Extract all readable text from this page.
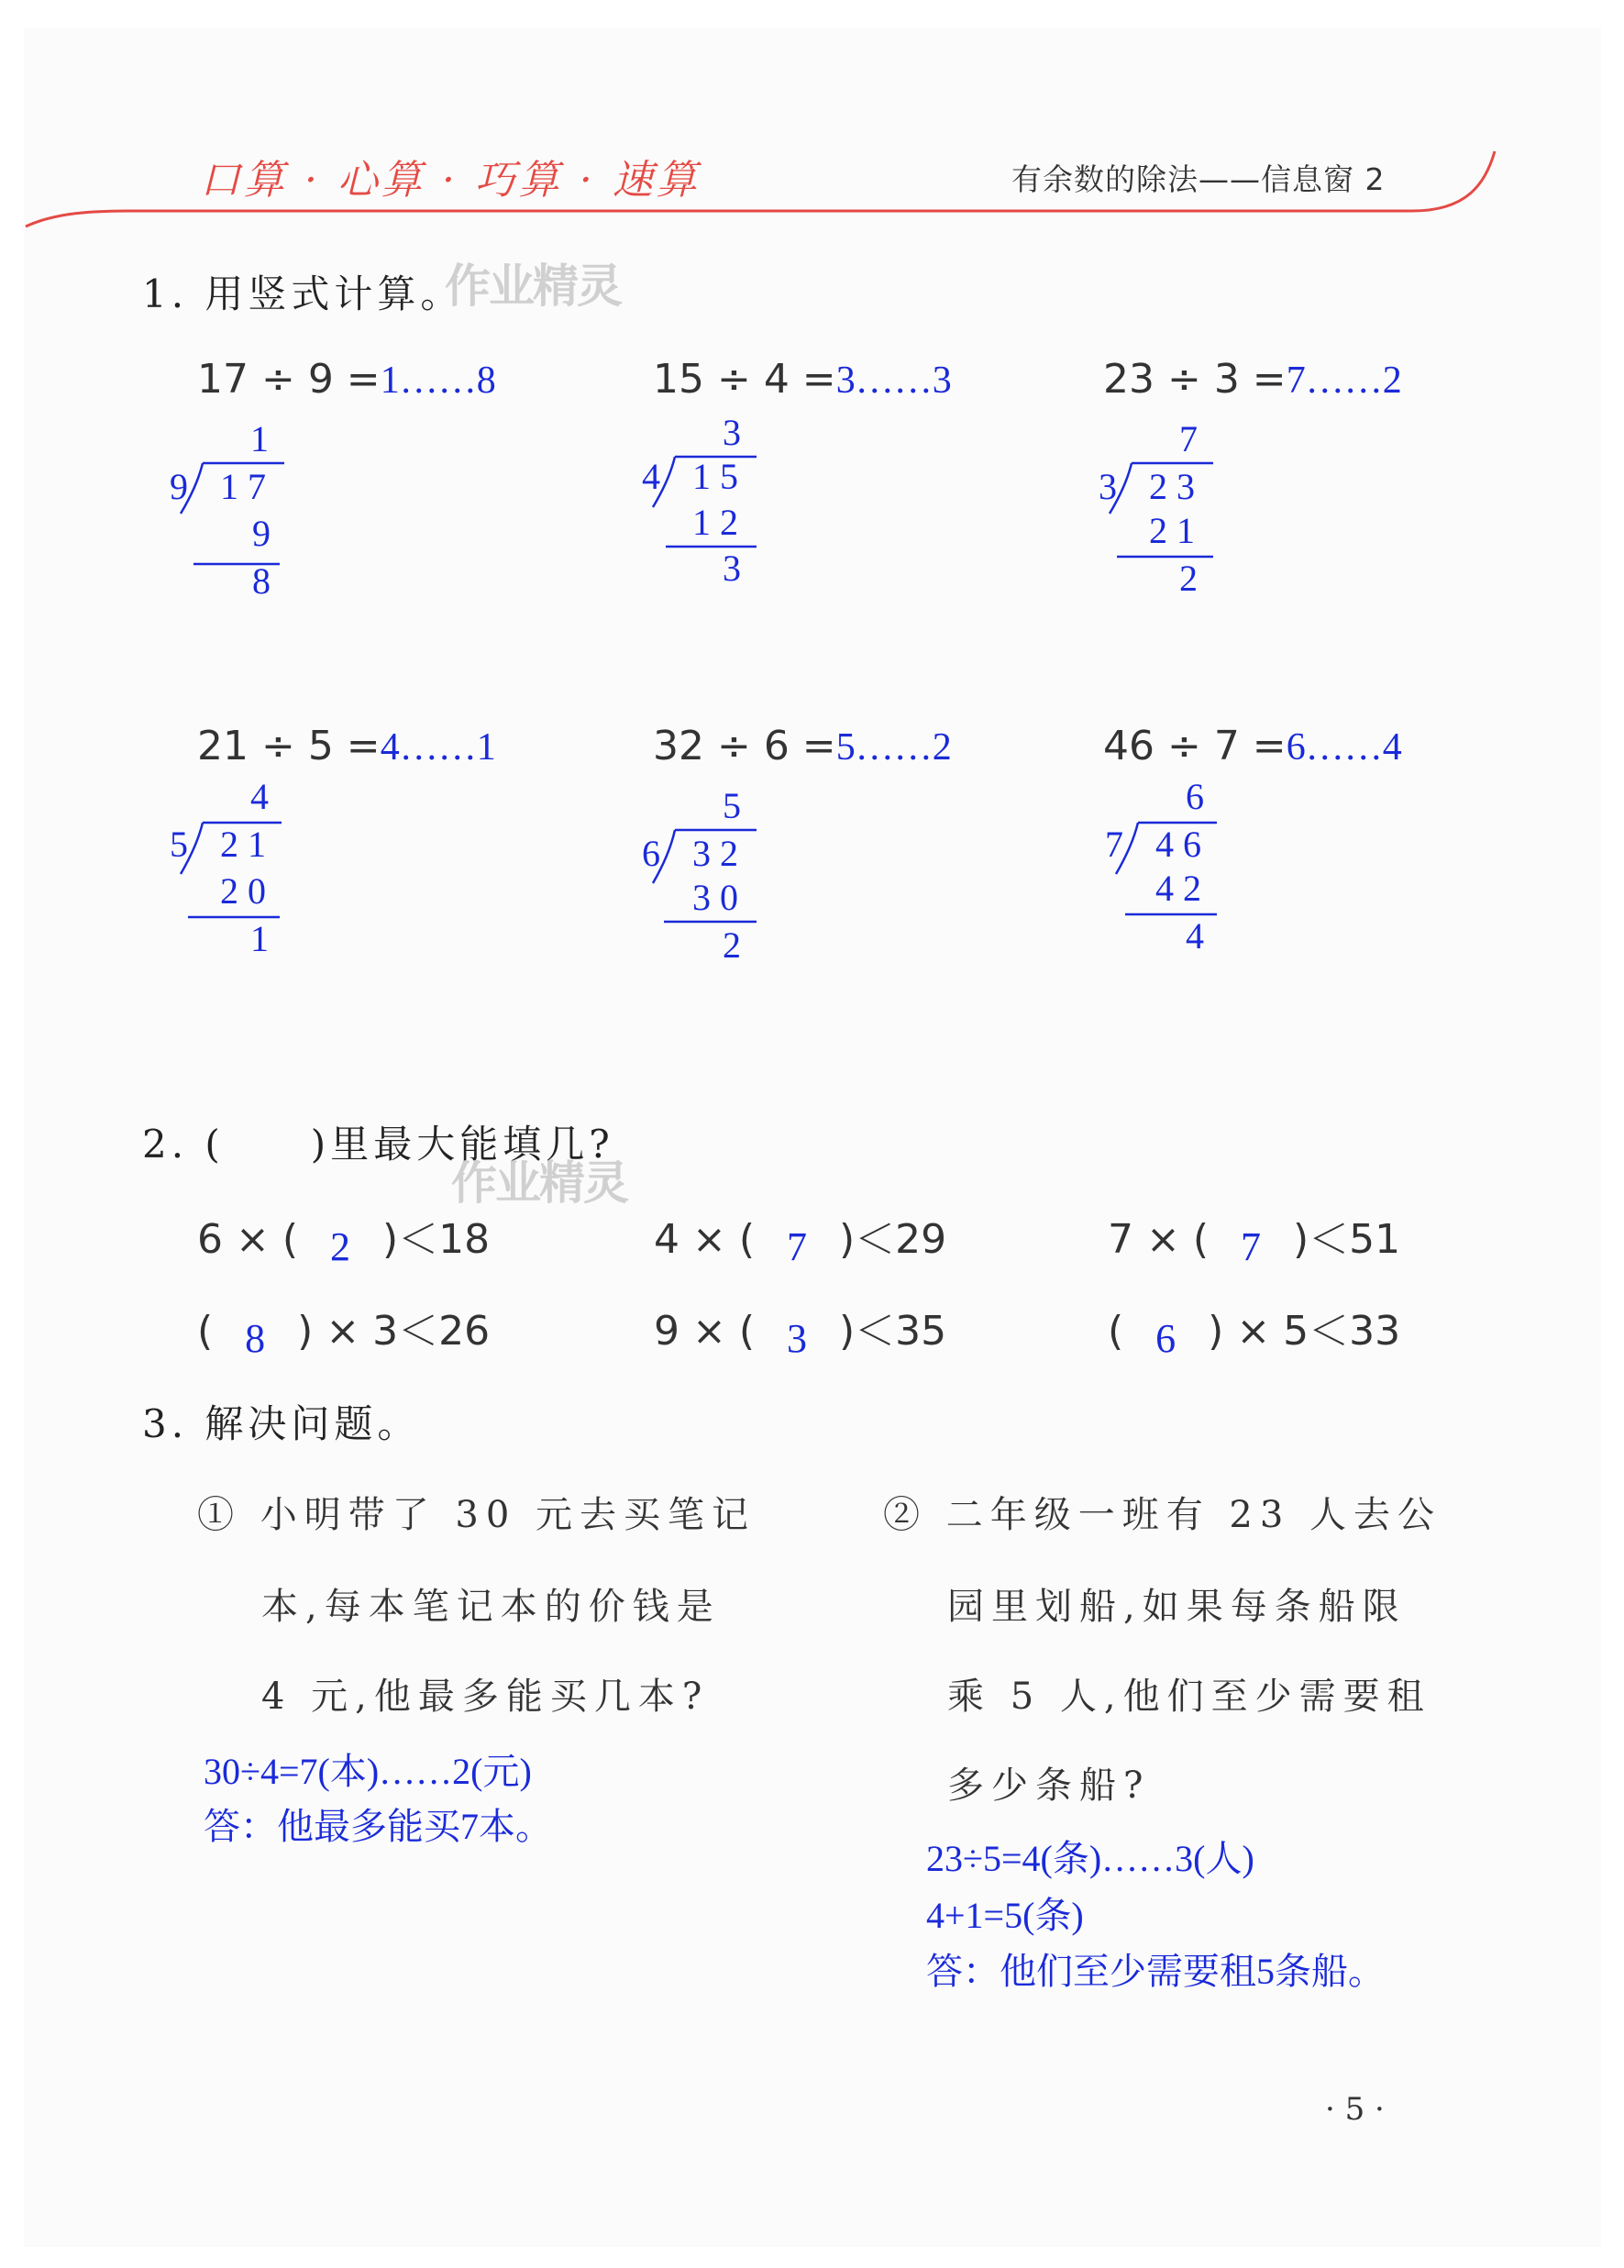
口算 · 心算 · 巧算 · 速算	有余数的除法——信息窗 2
作业精灵
作业精灵
1. 用竖式计算。
17 ÷ 9 =1……8	15 ÷ 4 =3……3	23 ÷ 3 =7……2
1
9 1 7
9
8
3
4 1 5
1 2
3
7
3 2 3
2 1
2
21 ÷ 5 =4……1	32 ÷ 6 =5……2	46 ÷ 7 =6……4
4
5 2 1
2 0
1
5
6 3 2
3 0
2
6
7 4 6
4 2
4
2. (　　)里最大能填几?
6 × ( 2 )＜18	4 × ( 7 )＜29	7 × ( 7 )＜51
( 8 ) × 3＜26	9 × ( 3 )＜35	( 6 ) × 5＜33
3. 解决问题。
① 小明带了 30 元去买笔记
本,每本笔记本的价钱是
4 元,他最多能买几本?
30÷4=7(本)……2(元)
答：他最多能买7本。
② 二年级一班有 23 人去公
园里划船,如果每条船限
乘 5 人,他们至少需要租
多少条船?
23÷5=4(条)……3(人)
4+1=5(条)
答：他们至少需要租5条船。
· 5 ·
